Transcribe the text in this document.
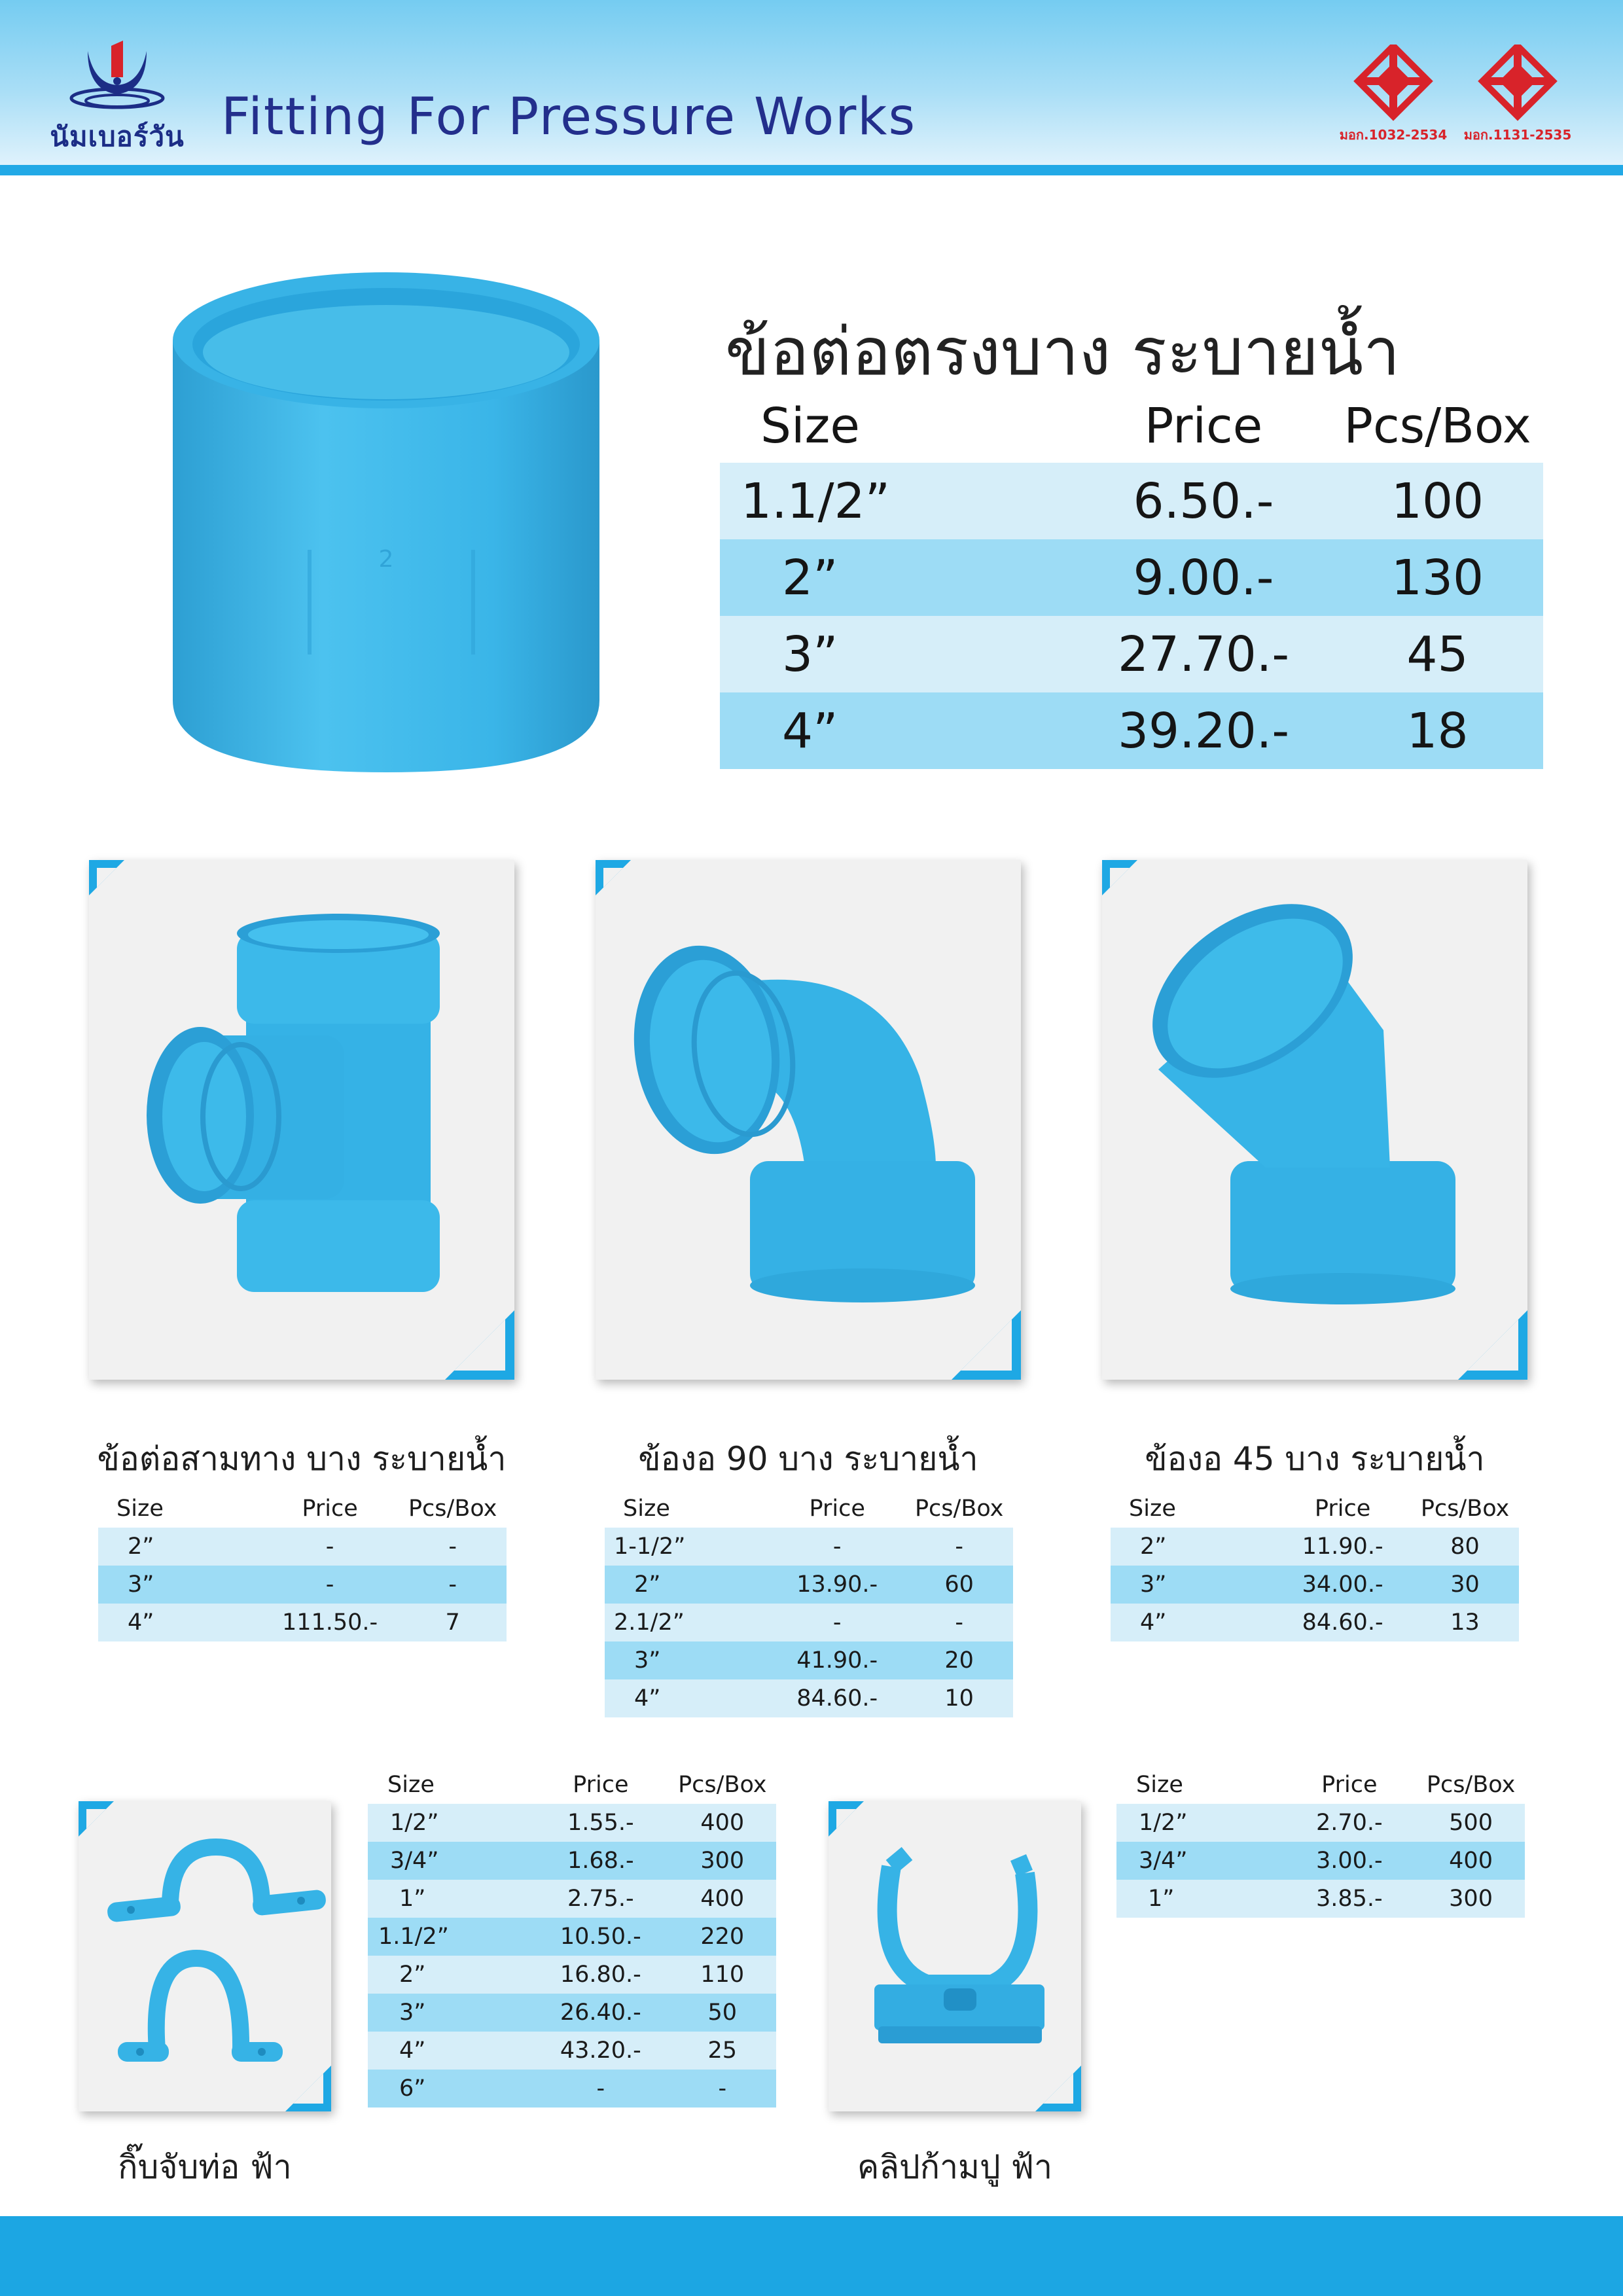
นัมเบอร์วัน Fitting For Pressure Works	มอก.1032-2534 มอก.1131-2535
2
ข้อต่อตรงบาง ระบายน้ำ
Size	Price	Pcs/Box
1.1/2”	6.50.-	100
2”	9.00.-	130
3”	27.70.-	45
4”	39.20.-	18
ข้อต่อสามทาง บาง ระบายน้ำ	ข้องอ 90 บาง ระบายน้ำ	ข้องอ 45 บาง ระบายน้ำ
Size	Price	Pcs/Box
2”	-	-
3”	-	-
4”	111.50.-	7
Size	Price	Pcs/Box
1-1/2”	-	-
2”	13.90.-	60
2.1/2”	-	-
3”	41.90.-	20
4”	84.60.-	10
Size	Price	Pcs/Box
2”	11.90.-	80
3”	34.00.-	30
4”	84.60.-	13
กิ๊บจับท่อ ฟ้า
Size	Price	Pcs/Box
1/2”	1.55.-	400
3/4”	1.68.-	300
1”	2.75.-	400
1.1/2”	10.50.-	220
2”	16.80.-	110
3”	26.40.-	50
4”	43.20.-	25
6”	-	-
คลิปก้ามปู ฟ้า
Size	Price	Pcs/Box
1/2”	2.70.-	500
3/4”	3.00.-	400
1”	3.85.-	300
